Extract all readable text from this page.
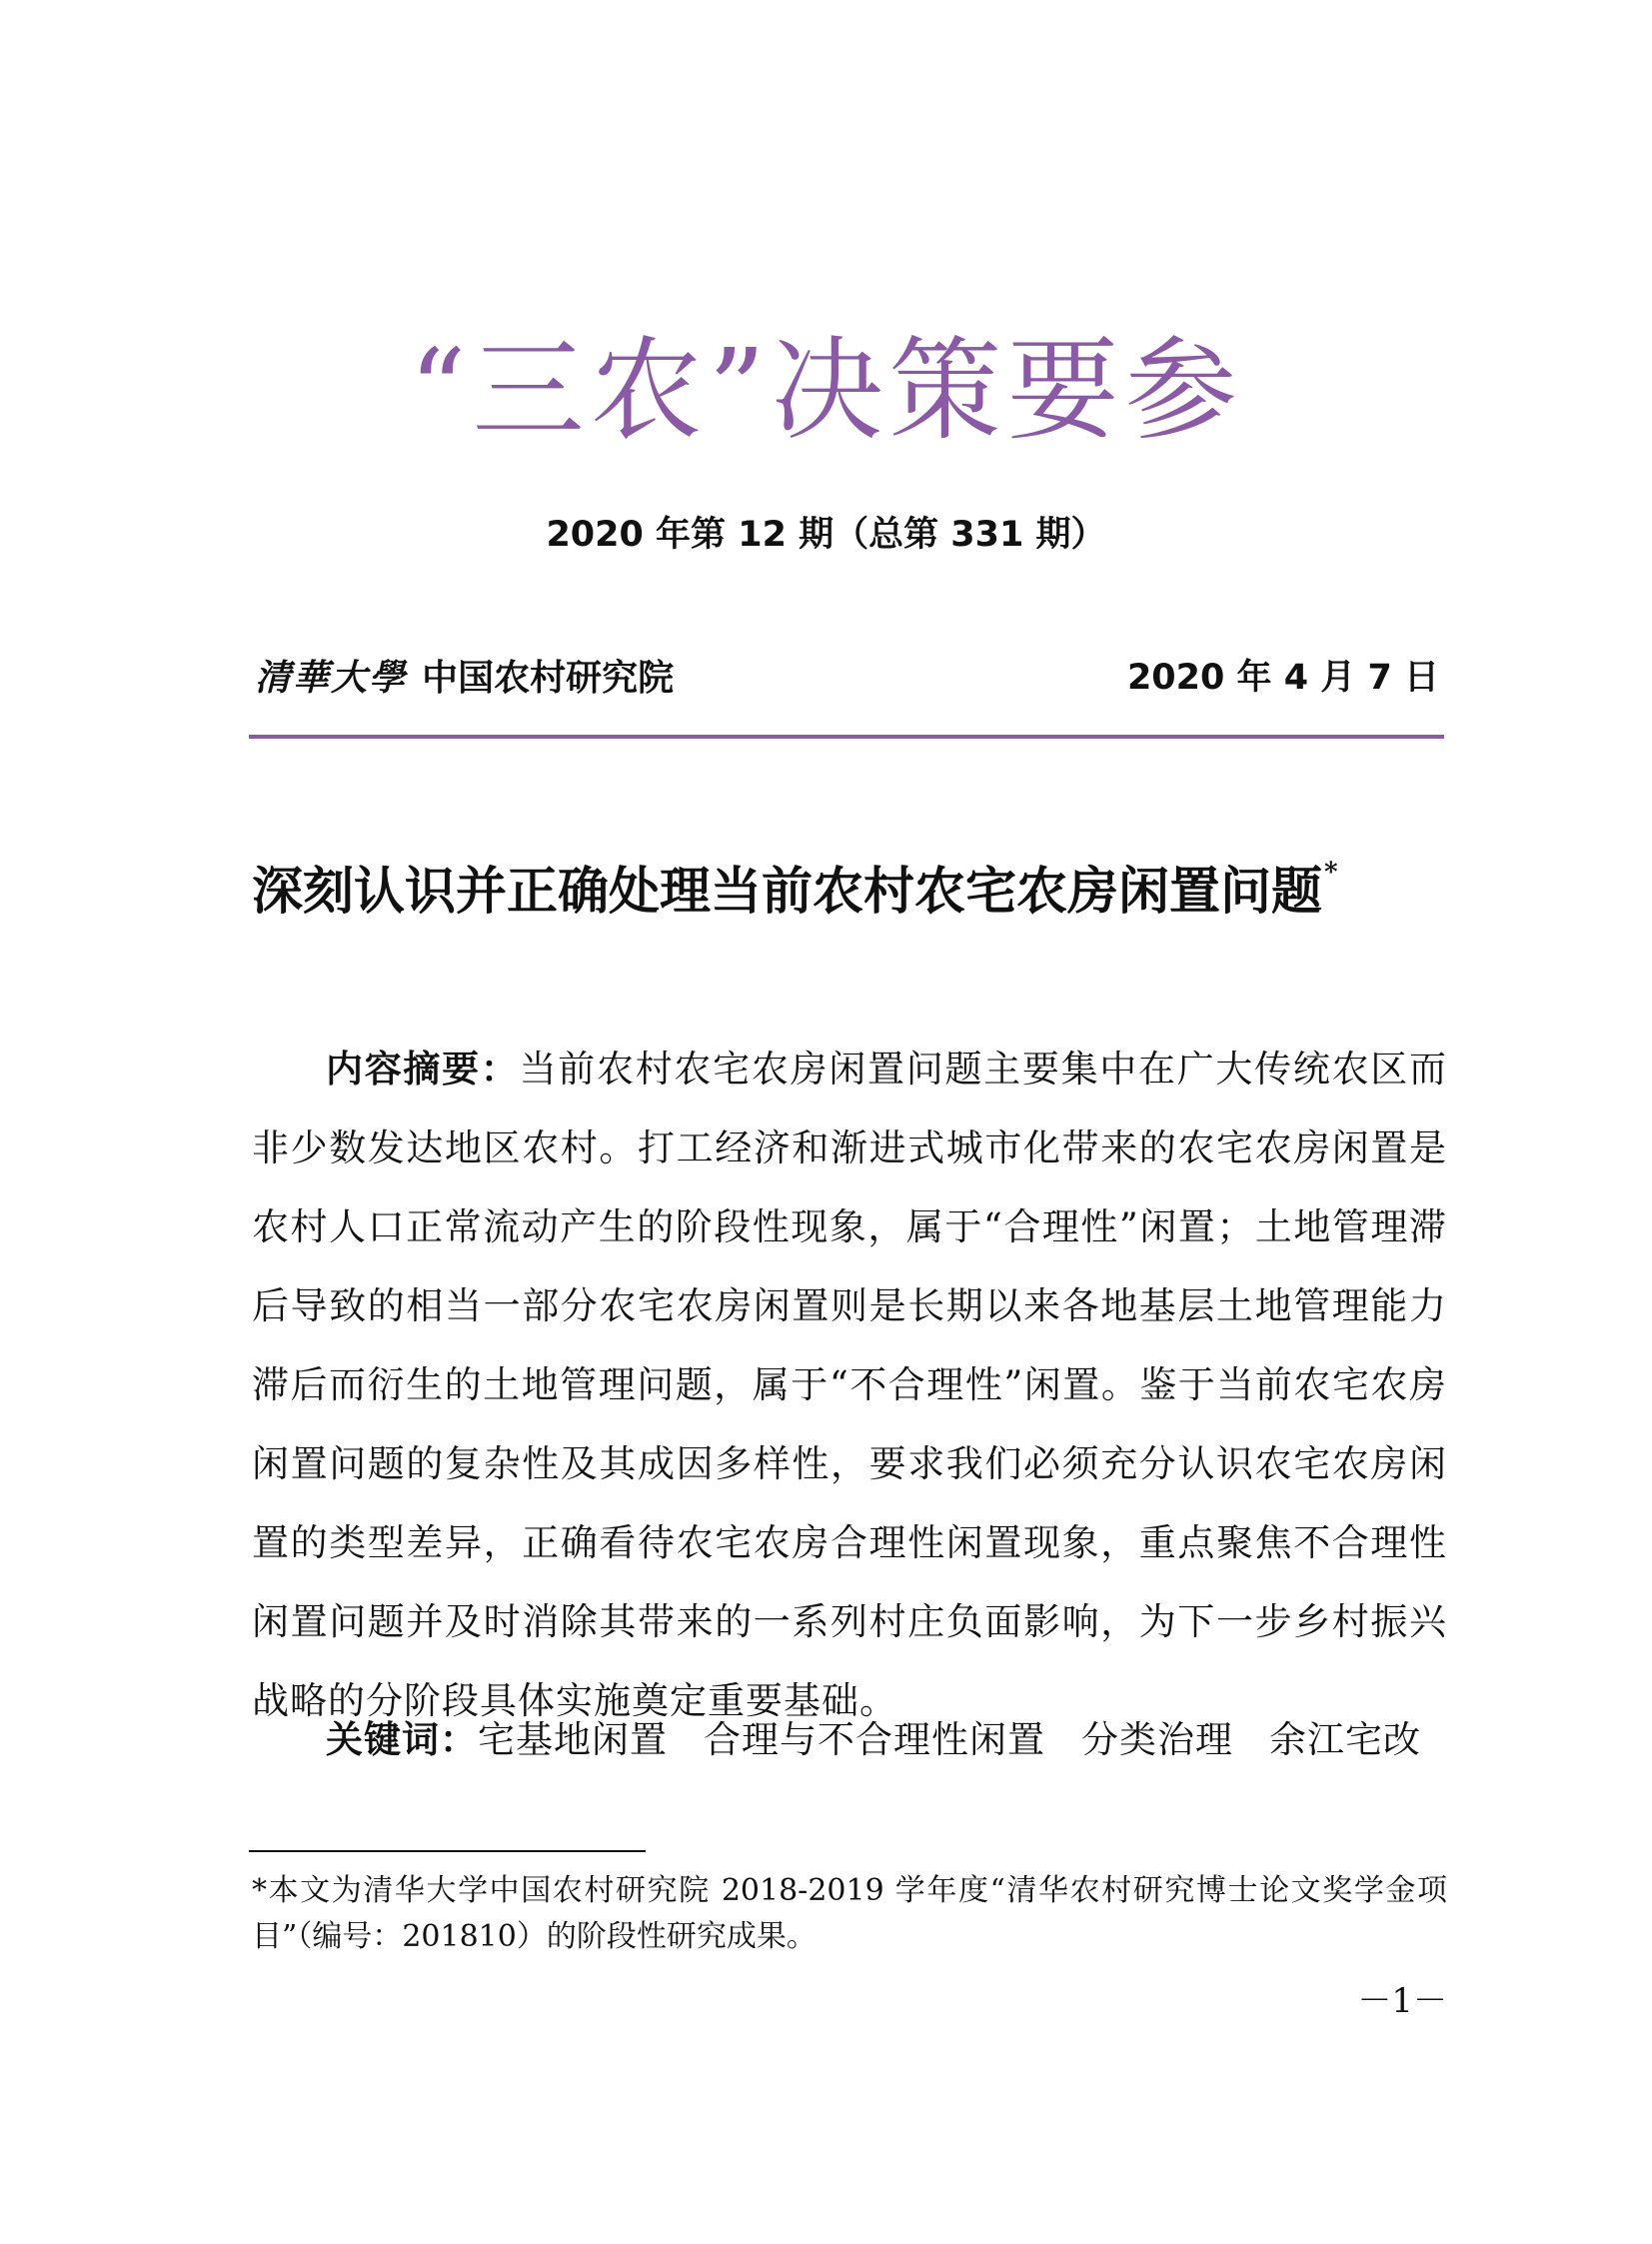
“三农”决策要参
2020 年第 12 期（总第 331 期）
清華大學 中国农村研究院	2020 年 4 月 7 日
深刻认识并正确处理当前农村农宅农房闲置问题*

内容摘要：当前农村农宅农房闲置问题主要集中在广大传统农区而非少数发达地区农村。打工经济和渐进式城市化带来的农宅农房闲置是农村人口正常流动产生的阶段性现象，属于“合理性”闲置；土地管理滞后导致的相当一部分农宅农房闲置则是长期以来各地基层土地管理能力滞后而衍生的土地管理问题，属于“不合理性”闲置。鉴于当前农宅农房闲置问题的复杂性及其成因多样性，要求我们必须充分认识农宅农房闲置的类型差异，正确看待农宅农房合理性闲置现象，重点聚焦不合理性闲置问题并及时消除其带来的一系列村庄负面影响，为下一步乡村振兴战略的分阶段具体实施奠定重要基础。

关键词：宅基地闲置 合理与不合理性闲置 分类治理 余江宅改

*本文为清华大学中国农村研究院 2018-2019 学年度“清华农村研究博士论文奖学金项目”（编号：201810）的阶段性研究成果。

－1－
